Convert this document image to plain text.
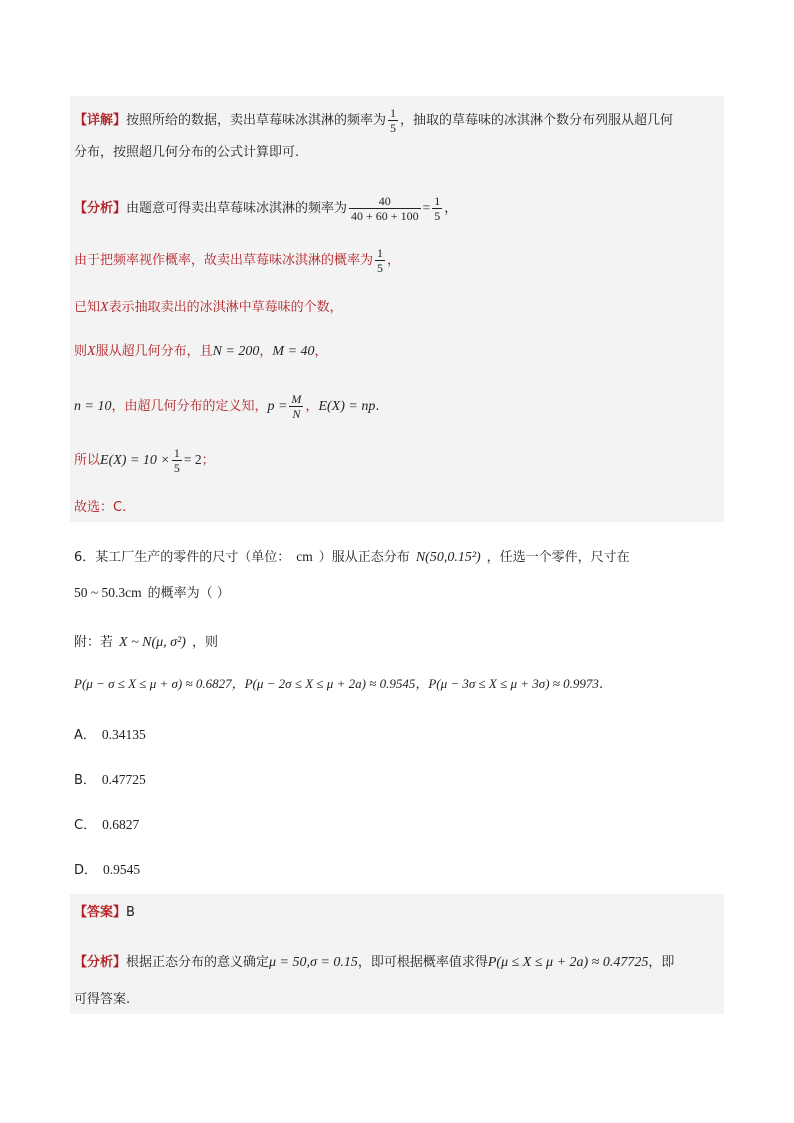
【详解】按照所给的数据，卖出草莓味冰淇淋的频率为 $\frac{1}{5}$ ，抽取的草莓味的冰淇淋个数分布列服从超几何
分布，按照超几何分布的公式计算即可.
【分析】由题意可得卖出草莓味冰淇淋的频率为 $\frac{40}{40 + 60 + 100} = \frac{1}{5}$ ，
由于把频率视作概率，故卖出草莓味冰淇淋的概率为 $\frac{1}{5}$ ，
已知X表示抽取卖出的冰淇淋中草莓味的个数，
则X服从超几何分布，且N = 200，M = 40，
n = 10，由超几何分布的定义知，$p = \frac{M}{N}$ ，E(X) = np.
所以$E(X) = 10 \times \frac{1}{5} = 2$；
故选：C.
6．某工厂生产的零件的尺寸（单位： cm ）服从正态分布 N(50,0.15²) ，任选一个零件，尺寸在
50 ~ 50.3cm 的概率为（ ）
附：若 X ~ N(μ, σ²) ，则
P(μ − σ ≤ X ≤ μ + σ) ≈ 0.6827，P(μ − 2σ ≤ X ≤ μ + 2a) ≈ 0.9545，P(μ − 3σ ≤ X ≤ μ + 3σ) ≈ 0.9973.
A． 0.34135
B． 0.47725
C． 0.6827
D． 0.9545
【答案】B
【分析】根据正态分布的意义确定μ = 50,σ = 0.15，即可根据概率值求得P(μ ≤ X ≤ μ + 2a) ≈ 0.47725，即
可得答案.
